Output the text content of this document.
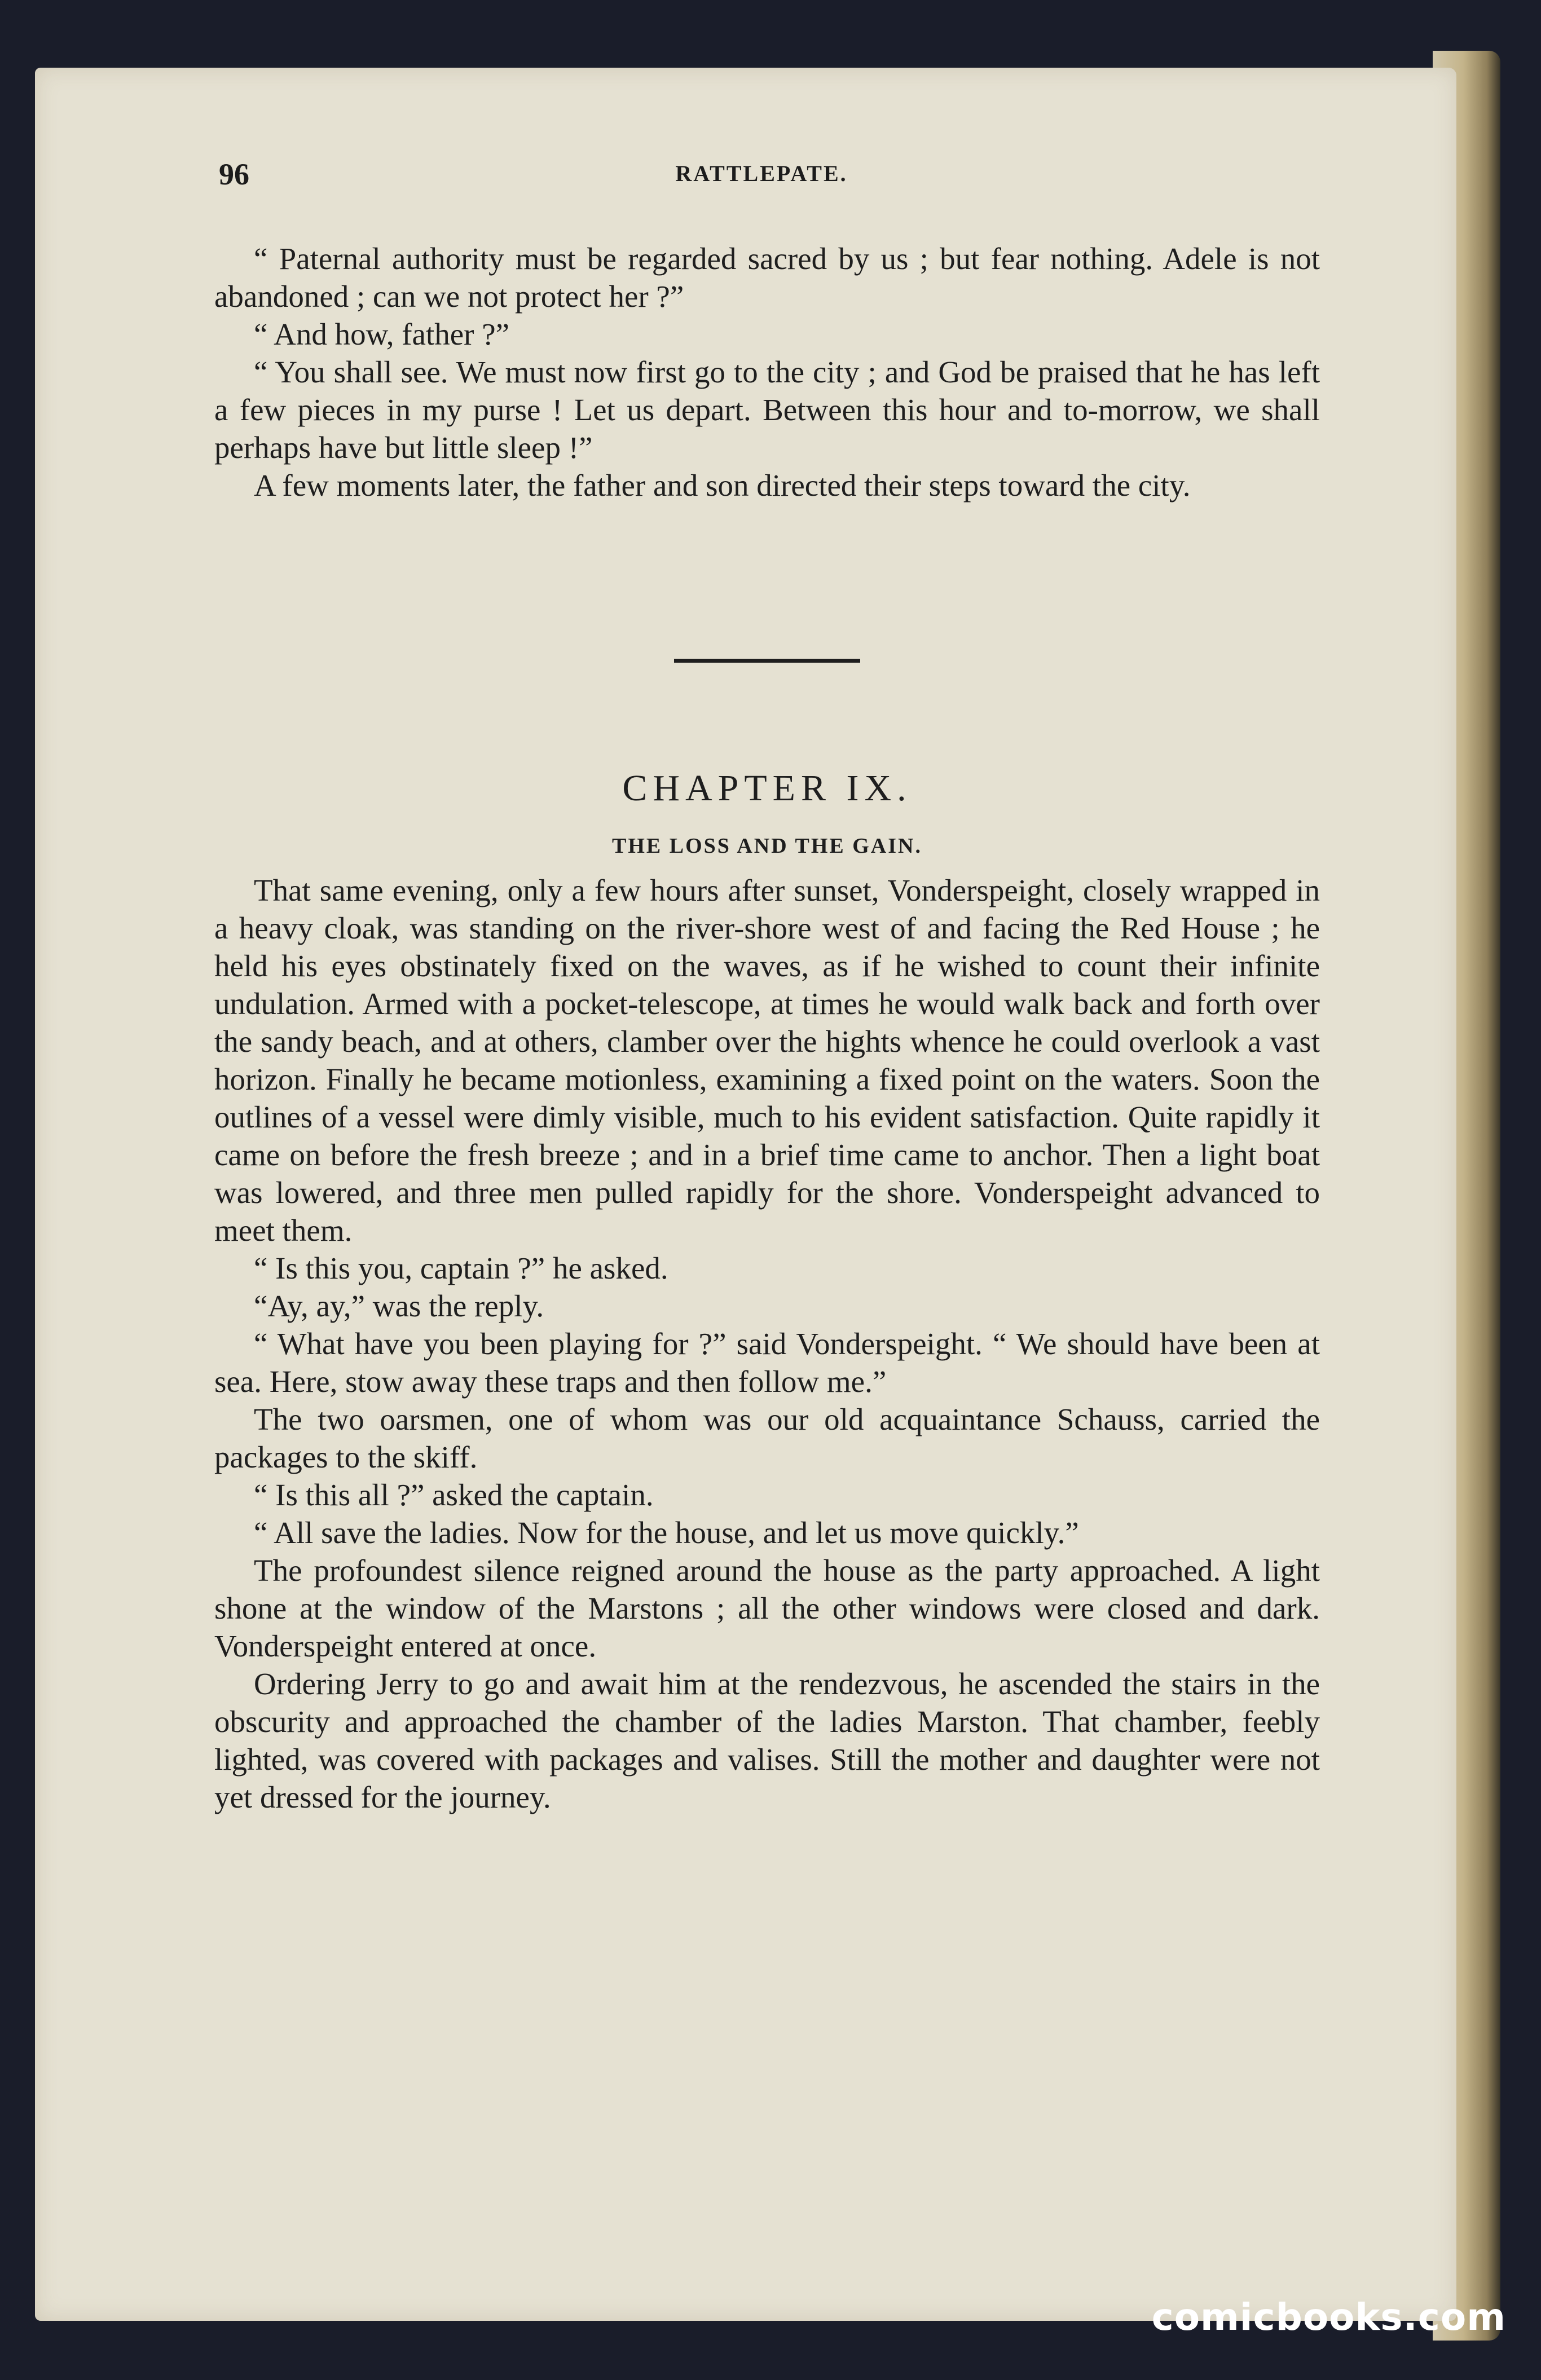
96	RATTLEPATE.

“ Paternal authority must be regarded sacred by us ; but fear nothing. Adele is not abandoned ; can we not protect her ?”

“ And how, father ?”

“ You shall see. We must now first go to the city ; and God be praised that he has left a few pieces in my purse ! Let us depart. Between this hour and to-morrow, we shall perhaps have but little sleep !”

A few moments later, the father and son directed their steps toward the city.

CHAPTER IX.
THE LOSS AND THE GAIN.

That same evening, only a few hours after sunset, Vonderspeight, closely wrapped in a heavy cloak, was standing on the river-shore west of and facing the Red House ; he held his eyes obstinately fixed on the waves, as if he wished to count their infinite undulation. Armed with a pocket-telescope, at times he would walk back and forth over the sandy beach, and at others, clamber over the hights whence he could overlook a vast horizon. Finally he became motionless, examining a fixed point on the waters. Soon the outlines of a vessel were dimly visible, much to his evident satisfaction. Quite rapidly it came on before the fresh breeze ; and in a brief time came to anchor. Then a light boat was lowered, and three men pulled rapidly for the shore. Vonderspeight advanced to meet them.

“ Is this you, captain ?” he asked.

“Ay, ay,” was the reply.

“ What have you been playing for ?” said Vonderspeight. “ We should have been at sea. Here, stow away these traps and then follow me.”

The two oarsmen, one of whom was our old acquaintance Schauss, carried the packages to the skiff.

“ Is this all ?” asked the captain.

“ All save the ladies. Now for the house, and let us move quickly.”

The profoundest silence reigned around the house as the party approached. A light shone at the window of the Marstons ; all the other windows were closed and dark. Vonderspeight entered at once.

Ordering Jerry to go and await him at the rendezvous, he ascended the stairs in the obscurity and approached the chamber of the ladies Marston. That chamber, feebly lighted, was covered with packages and valises. Still the mother and daughter were not yet dressed for the journey.

comicbooks.com
